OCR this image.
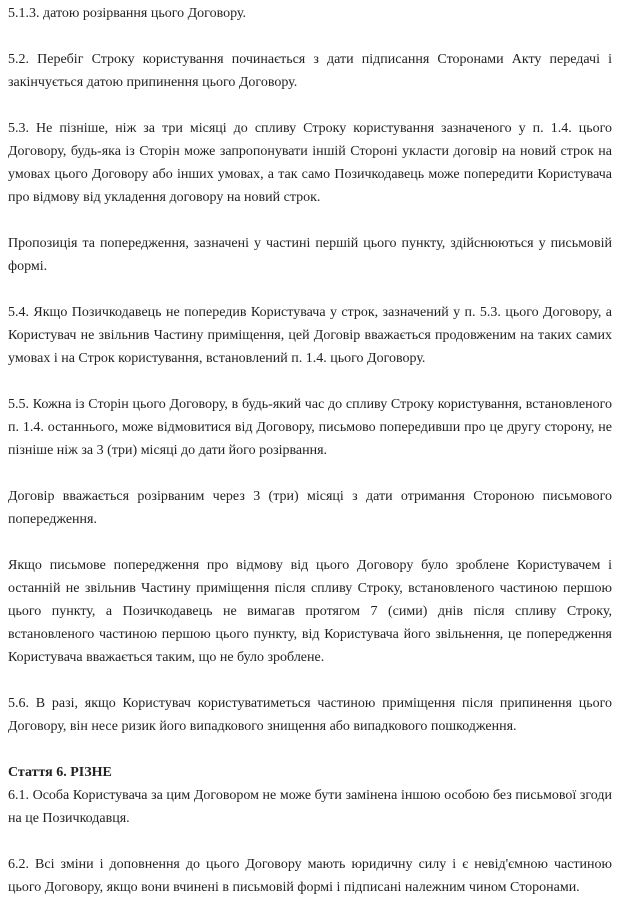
5.1.3. датою розірвання цього Договору.

5.2. Перебіг Строку користування починається з дати підписання Сторонами Акту передачі і закінчується датою припинення цього Договору.

5.3. Не пізніше, ніж за три місяці до спливу Строку користування зазначеного у п. 1.4. цього Договору, будь-яка із Сторін може запропонувати іншій Стороні укласти договір на новий строк на умовах цього Договору або інших умовах, а так само Позичкодавець може попередити Користувача про відмову від укладення договору на новий строк.

Пропозиція та попередження, зазначені у частині першій цього пункту, здійснюються у письмовій формі.

5.4. Якщо Позичкодавець не попередив Користувача у строк, зазначений у п. 5.3. цього Договору, а Користувач не звільнив Частину приміщення, цей Договір вважається продовженим на таких самих умовах і на Строк користування, встановлений п. 1.4. цього Договору.

5.5. Кожна із Сторін цього Договору, в будь-який час до спливу Строку користування, встановленого п. 1.4. останнього, може відмовитися від Договору, письмово попередивши про це другу сторону, не пізніше ніж за 3 (три) місяці до дати його розірвання.

Договір вважається розірваним через 3 (три) місяці з дати отримання Стороною письмового попередження.

Якщо письмове попередження про відмову від цього Договору було зроблене Користувачем і останній не звільнив Частину приміщення після спливу Строку, встановленого частиною першою цього пункту, а Позичкодавець не вимагав протягом 7 (сими) днів після спливу Строку, встановленого частиною першою цього пункту, від Користувача його звільнення, це попередження Користувача вважається таким, що не було зроблене.

5.6. В разі, якщо Користувач користуватиметься частиною приміщення після припинення цього Договору, він несе ризик його випадкового знищення або випадкового пошкодження.

Стаття 6. РІЗНЕ

6.1. Особа Користувача за цим Договором не може бути замінена іншою особою без письмової згоди на це Позичкодавця.

6.2. Всі зміни і доповнення до цього Договору мають юридичну силу і є невід'ємною частиною цього Договору, якщо вони вчинені в письмовій формі і підписані належним чином Сторонами.
